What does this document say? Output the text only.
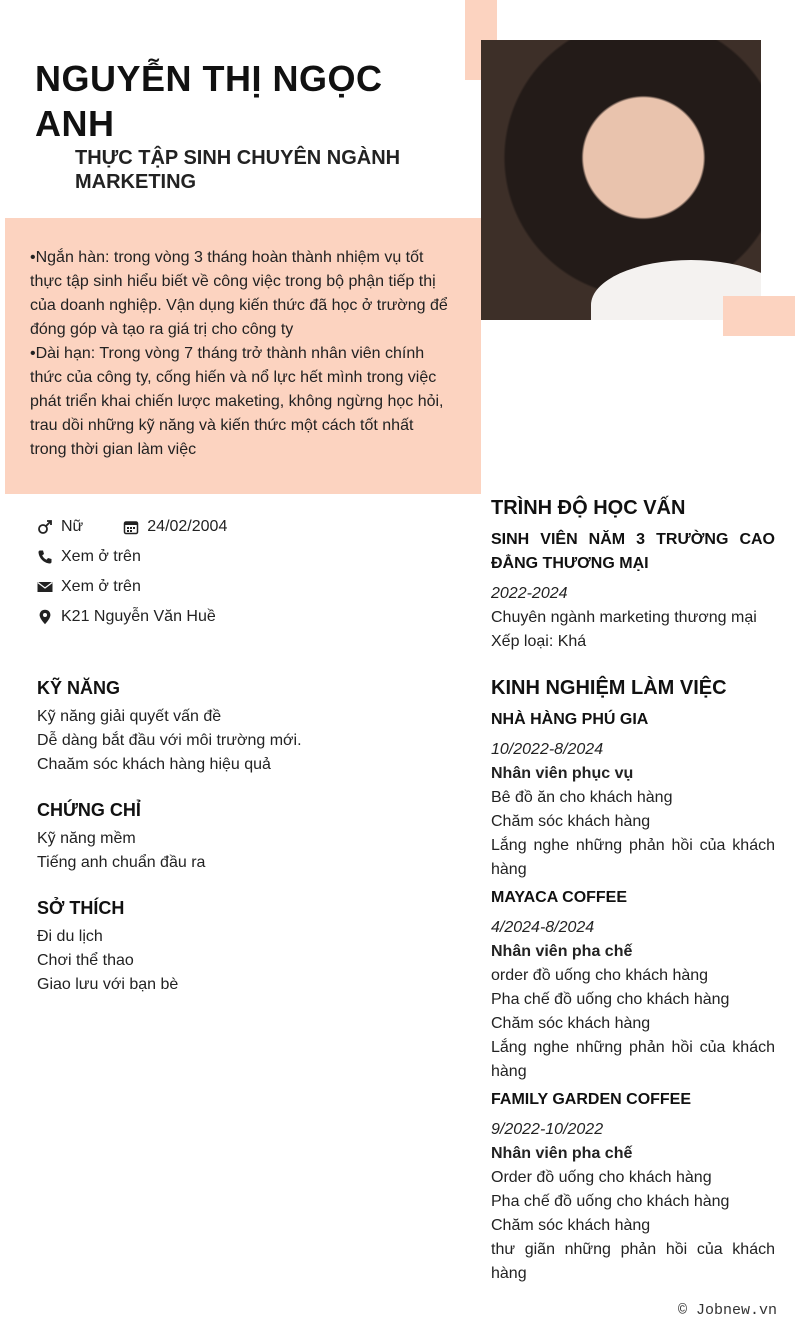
NGUYỄN THỊ NGỌC ANH
THỰC TẬP SINH CHUYÊN NGÀNH MARKETING

•Ngắn hàn: trong vòng 3 tháng hoàn thành nhiệm vụ tốt thực tập sinh hiểu biết về công việc trong bộ phận tiếp thị của doanh nghiệp. Vận dụng kiến thức đã học ở trường để đóng góp và tạo ra giá trị cho công ty

•Dài hạn: Trong vòng 7 tháng trở thành nhân viên chính thức của công ty, cống hiến và nổ lực hết mình trong việc phát triển khai chiến lược maketing, không ngừng học hỏi, trau dồi những kỹ năng và kiến thức một cách tốt nhất trong thời gian làm việc

Nữ	24/02/2004
Xem ở trên
Xem ở trên
K21 Nguyễn Văn Huề
KỸ NĂNG

Kỹ năng giải quyết vấn đề

Dễ dàng bắt đầu với môi trường mới.

Chaăm sóc khách hàng hiệu quả

CHỨNG CHỈ

Kỹ năng mềm

Tiếng anh chuẩn đầu ra

SỞ THÍCH

Đi du lịch

Chơi thể thao

Giao lưu với bạn bè

TRÌNH ĐỘ HỌC VẤN

SINH VIÊN NĂM 3 TRƯỜNG CAO ĐẲNG THƯƠNG MẠI

2022-2024

Chuyên ngành marketing thương mại

Xếp loại: Khá

KINH NGHIỆM LÀM VIỆC

NHÀ HÀNG PHÚ GIA

10/2022-8/2024

Nhân viên phục vụ

Bê đồ ăn cho khách hàng

Chăm sóc khách hàng

Lắng nghe những phản hồi của khách hàng

MAYACA COFFEE

4/2024-8/2024

Nhân viên pha chế

order đồ uống cho khách hàng

Pha chế đồ uống cho khách hàng

Chăm sóc khách hàng

Lắng nghe những phản hồi của khách hàng

FAMILY GARDEN COFFEE

9/2022-10/2022

Nhân viên pha chế

Order đồ uống cho khách hàng

Pha chế đồ uống cho khách hàng

Chăm sóc khách hàng

thư giãn những phản hồi của khách hàng

© Jobnew.vn
